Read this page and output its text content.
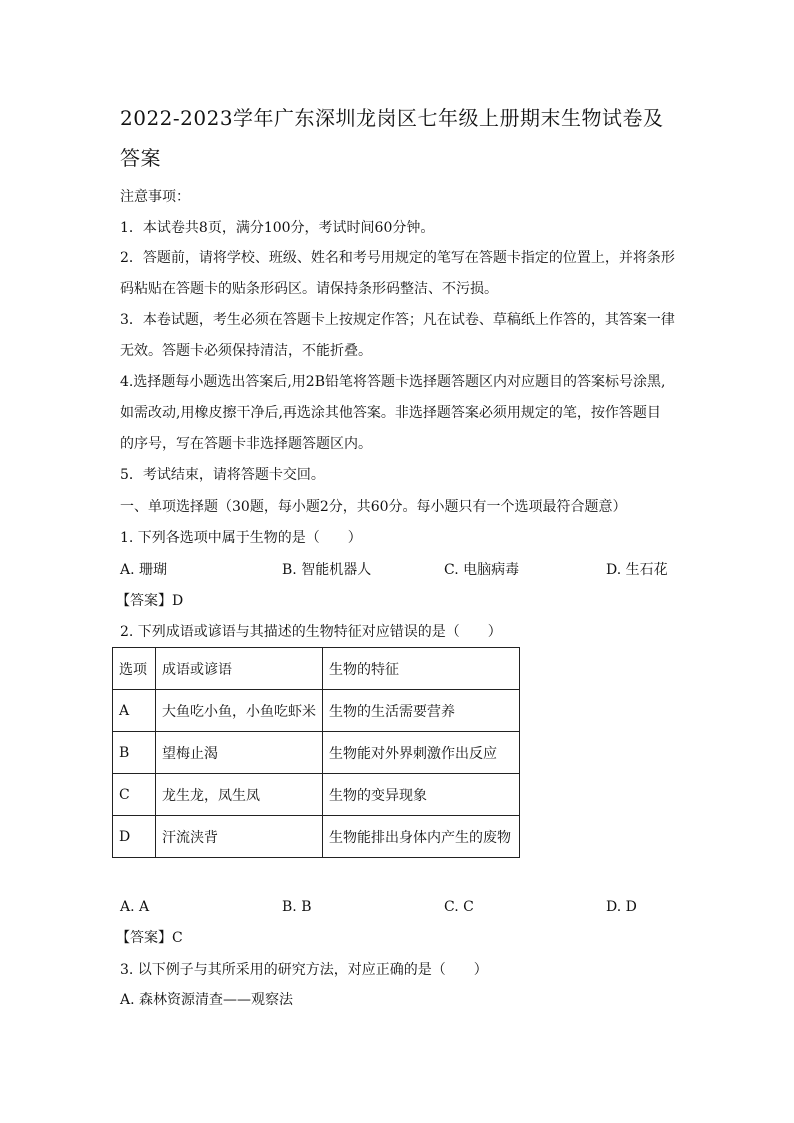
2022-2023学年广东深圳龙岗区七年级上册期末生物试卷及
答案
注意事项：
1．本试卷共8页，满分100分，考试时间60分钟。
2．答题前，请将学校、班级、姓名和考号用规定的笔写在答题卡指定的位置上，并将条形
码粘贴在答题卡的贴条形码区。请保持条形码整洁、不污损。
3．本卷试题，考生必须在答题卡上按规定作答；凡在试卷、草稿纸上作答的，其答案一律
无效。答题卡必须保持清洁，不能折叠。
4.选择题每小题选出答案后,用2B铅笔将答题卡选择题答题区内对应题目的答案标号涂黑,
如需改动,用橡皮擦干净后,再选涂其他答案。非选择题答案必须用规定的笔，按作答题目
的序号，写在答题卡非选择题答题区内。
5．考试结束，请将答题卡交回。
一、单项选择题（30题，每小题2分，共60分。每小题只有一个选项最符合题意）
1. 下列各选项中属于生物的是（　　）
A. 珊瑚	B. 智能机器人	C. 电脑病毒	D. 生石花
【答案】D
2. 下列成语或谚语与其描述的生物特征对应错误的是（　　）
选项	成语或谚语	生物的特征
A	大鱼吃小鱼，小鱼吃虾米	生物的生活需要营养
B	望梅止渴	生物能对外界刺激作出反应
C	龙生龙，凤生凤	生物的变异现象
D	汗流浃背	生物能排出身体内产生的废物
A. A	B. B	C. C	D. D
【答案】C
3. 以下例子与其所采用的研究方法，对应正确的是（　　）
A. 森林资源清查——观察法
